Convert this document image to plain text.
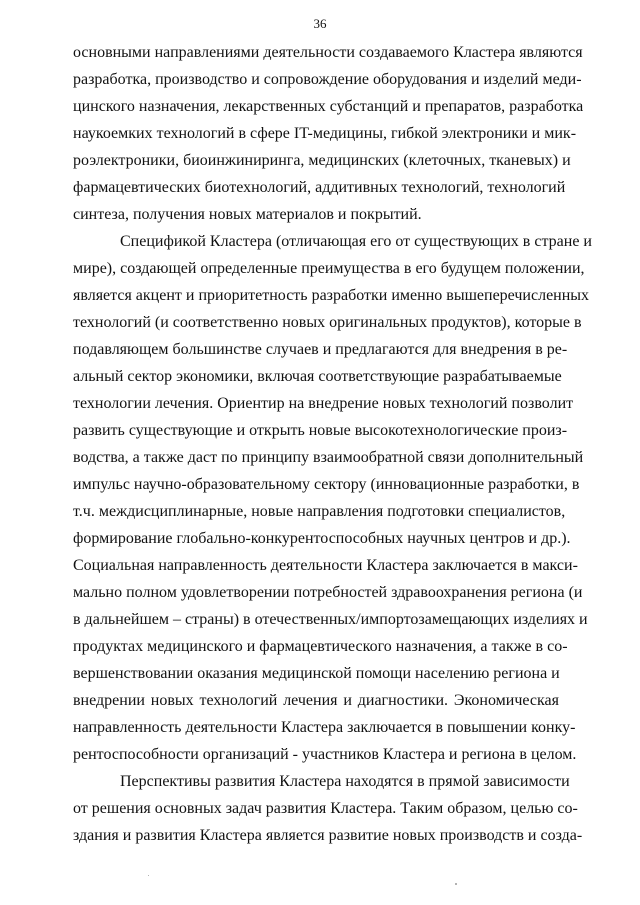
36
основными направлениями деятельности создаваемого Кластера являются
разработка, производство и сопровождение оборудования и изделий меди-
цинского назначения, лекарственных субстанций и препаратов, разработка
наукоемких технологий в сфере IT-медицины, гибкой электроники и мик-
роэлектроники, биоинжиниринга, медицинских (клеточных, тканевых) и
фармацевтических биотехнологий, аддитивных технологий, технологий
синтеза, получения новых материалов и покрытий.
Спецификой Кластера (отличающая его от существующих в стране и
мире), создающей определенные преимущества в его будущем положении,
является акцент и приоритетность разработки именно вышеперечисленных
технологий (и соответственно новых оригинальных продуктов), которые в
подавляющем большинстве случаев и предлагаются для внедрения в ре-
альный сектор экономики, включая соответствующие разрабатываемые
технологии лечения. Ориентир на внедрение новых технологий позволит
развить существующие и открыть новые высокотехнологические произ-
водства, а также даст по принципу взаимообратной связи дополнительный
импульс научно-образовательному сектору (инновационные разработки, в
т.ч. междисциплинарные, новые направления подготовки специалистов,
формирование глобально-конкурентоспособных научных центров и др.).
Социальная направленность деятельности Кластера заключается в макси-
мально полном удовлетворении потребностей здравоохранения региона (и
в дальнейшем – страны) в отечественных/импортозамещающих изделиях и
продуктах медицинского и фармацевтического назначения, а также в со-
вершенствовании оказания медицинской помощи населению региона и
внедрении новых технологий лечения и диагностики. Экономическая
направленность деятельности Кластера заключается в повышении конку-
рентоспособности организаций - участников Кластера и региона в целом.
Перспективы развития Кластера находятся в прямой зависимости
от решения основных задач развития Кластера. Таким образом, целью со-
здания и развития Кластера является развитие новых производств и созда-
